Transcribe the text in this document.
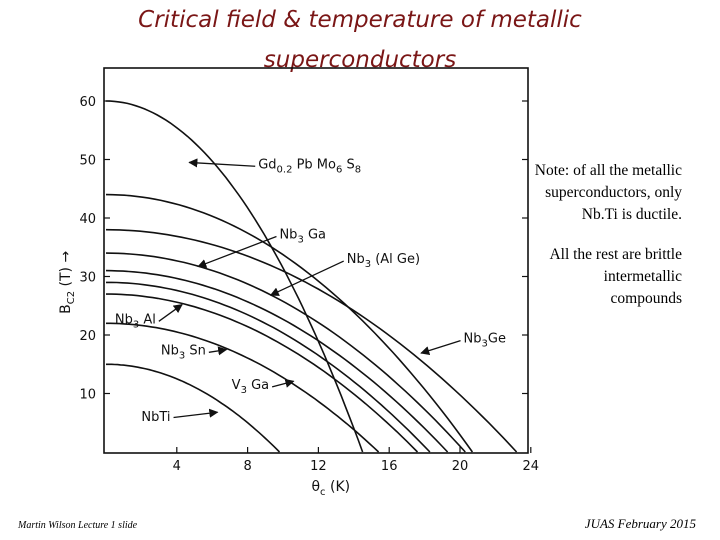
Critical field & temperature of metallic
superconductors
$Gd_{0.2}$ Pb $Mo_6$ $S_8$
$Nb_3$ Ga
$Nb_3$ (Al Ge)
$Nb_3Ge$
$Nb_3$ Al
$Nb_3$ Sn
$V_3$ Ga
NbTi
4	8	12	16	20	24
10
20
30
40
50
60
$\theta_c$ (K)
$B_{C2}$ (T) →

Note: of all the metallic superconductors, only Nb.Ti is ductile.

All the rest are brittle intermetallic compounds

Martin Wilson Lecture 1 slide	JUAS February 2015
